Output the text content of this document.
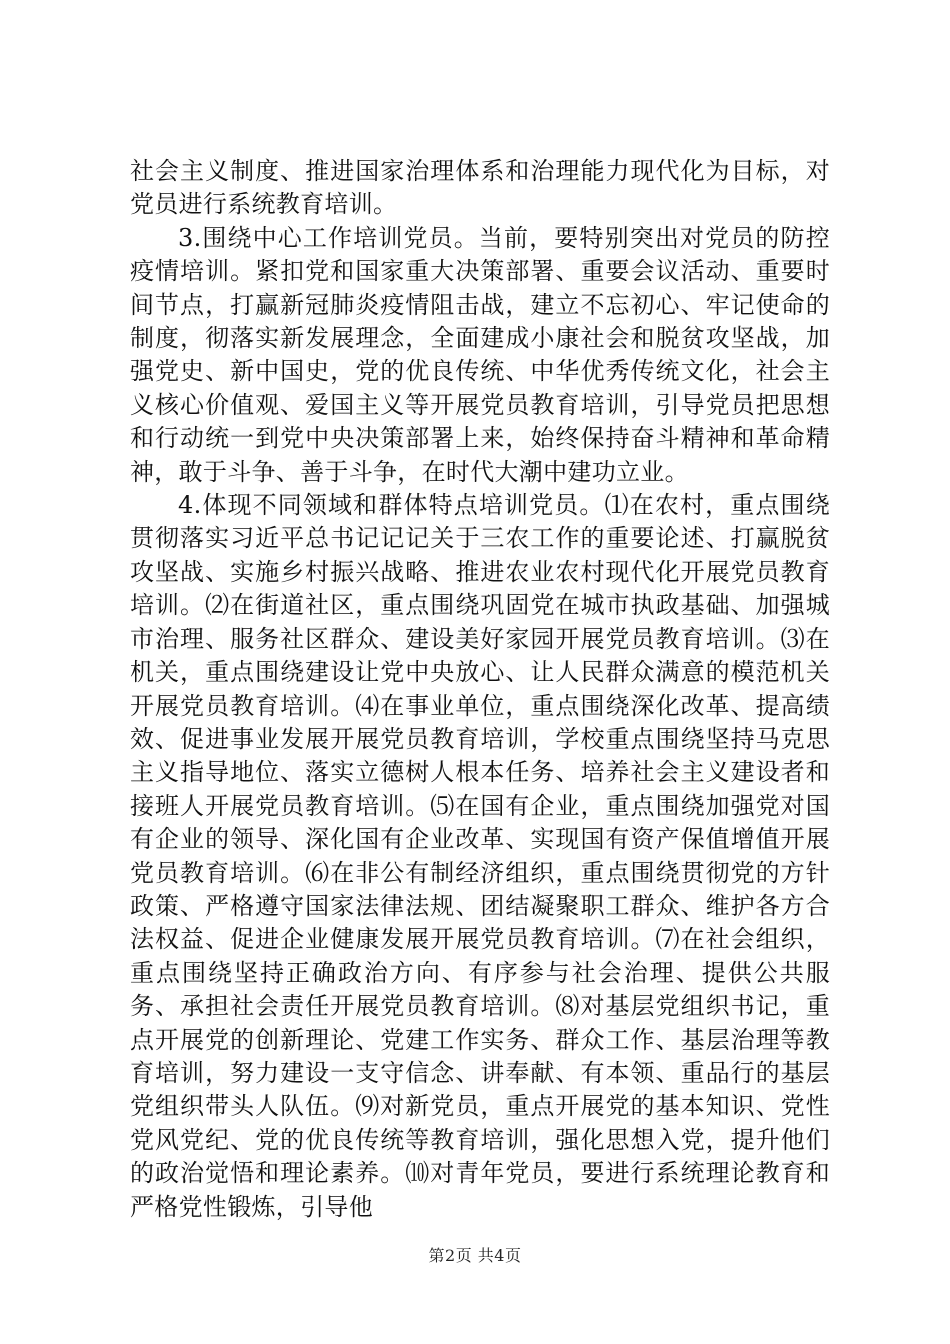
社会主义制度、推进国家治理体系和治理能力现代化为目标，对党员进行系统教育培训。

3.围绕中心工作培训党员。当前，要特别突出对党员的防控疫情培训。紧扣党和国家重大决策部署、重要会议活动、重要时间节点，打赢新冠肺炎疫情阻击战，建立不忘初心、牢记使命的制度，彻落实新发展理念，全面建成小康社会和脱贫攻坚战，加强党史、新中国史，党的优良传统、中华优秀传统文化，社会主义核心价值观、爱国主义等开展党员教育培训，引导党员把思想和行动统一到党中央决策部署上来，始终保持奋斗精神和革命精神，敢于斗争、善于斗争，在时代大潮中建功立业。

4.体现不同领域和群体特点培训党员。⑴在农村，重点围绕贯彻落实习近平总书记记记关于三农工作的重要论述、打赢脱贫攻坚战、实施乡村振兴战略、推进农业农村现代化开展党员教育培训。⑵在街道社区，重点围绕巩固党在城市执政基础、加强城市治理、服务社区群众、建设美好家园开展党员教育培训。⑶在机关，重点围绕建设让党中央放心、让人民群众满意的模范机关开展党员教育培训。⑷在事业单位，重点围绕深化改革、提高绩效、促进事业发展开展党员教育培训，学校重点围绕坚持马克思主义指导地位、落实立德树人根本任务、培养社会主义建设者和接班人开展党员教育培训。⑸在国有企业，重点围绕加强党对国有企业的领导、深化国有企业改革、实现国有资产保值增值开展党员教育培训。⑹在非公有制经济组织，重点围绕贯彻党的方针政策、严格遵守国家法律法规、团结凝聚职工群众、维护各方合法权益、促进企业健康发展开展党员教育培训。⑺在社会组织，重点围绕坚持正确政治方向、有序参与社会治理、提供公共服务、承担社会责任开展党员教育培训。⑻对基层党组织书记，重点开展党的创新理论、党建工作实务、群众工作、基层治理等教育培训，努力建设一支守信念、讲奉献、有本领、重品行的基层党组织带头人队伍。⑼对新党员，重点开展党的基本知识、党性党风党纪、党的优良传统等教育培训，强化思想入党，提升他们的政治觉悟和理论素养。⑽对青年党员，要进行系统理论教育和严格党性锻炼，引导他

第2页 共4页
